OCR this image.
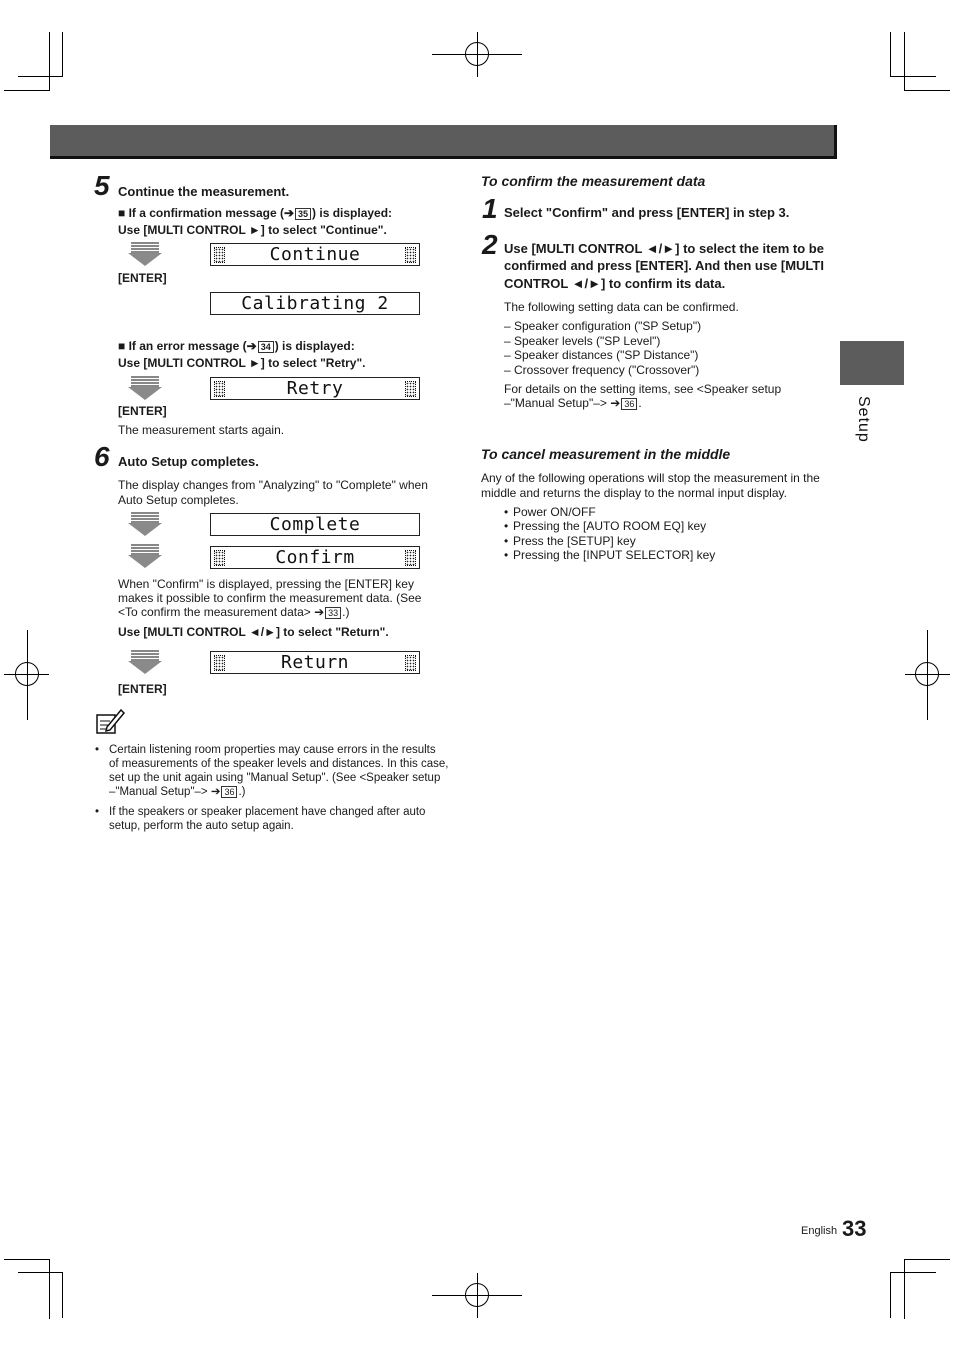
Setup
5 Continue the measurement.
■ If a confirmation message (➔ 35 ) is displayed:
Use [MULTI CONTROL ►] to select "Continue".

Continue

[ENTER]

Calibrating 2

■ If an error message (➔ 34 ) is displayed:
Use [MULTI CONTROL ►] to select "Retry".

Retry

[ENTER]
The measurement starts again.
6 Auto Setup completes.
The display changes from "Analyzing" to "Complete" when
Auto Setup completes.

Complete

Confirm

When "Confirm" is displayed, pressing the [ENTER] key
makes it possible to confirm the measurement data. (See
<To confirm the measurement data> ➔ 33 .)
Use [MULTI CONTROL ◄/►] to select "Return".

Return

[ENTER]
• Certain listening room properties may cause errors in the results
of measurements of the speaker levels and distances. In this case,
set up the unit again using "Manual Setup". (See <Speaker setup
–"Manual Setup"–> ➔ 36 .)
• If the speakers or speaker placement have changed after auto
setup, perform the auto setup again.
To confirm the measurement data
1 Select "Confirm" and press [ENTER] in step 3.
2 Use [MULTI CONTROL ◄/►] to select the item to be
confirmed and press [ENTER]. And then use [MULTI
CONTROL ◄/►] to confirm its data.
The following setting data can be confirmed.
– Speaker configuration ("SP Setup")
– Speaker levels ("SP Level")
– Speaker distances ("SP Distance")
– Crossover frequency ("Crossover")
For details on the setting items, see <Speaker setup
–"Manual Setup"–> ➔ 36 .
To cancel measurement in the middle
Any of the following operations will stop the measurement in the
middle and returns the display to the normal input display.
• Power ON/OFF
• Pressing the [AUTO ROOM EQ] key
• Press the [SETUP] key
• Pressing the [INPUT SELECTOR] key
English 33
